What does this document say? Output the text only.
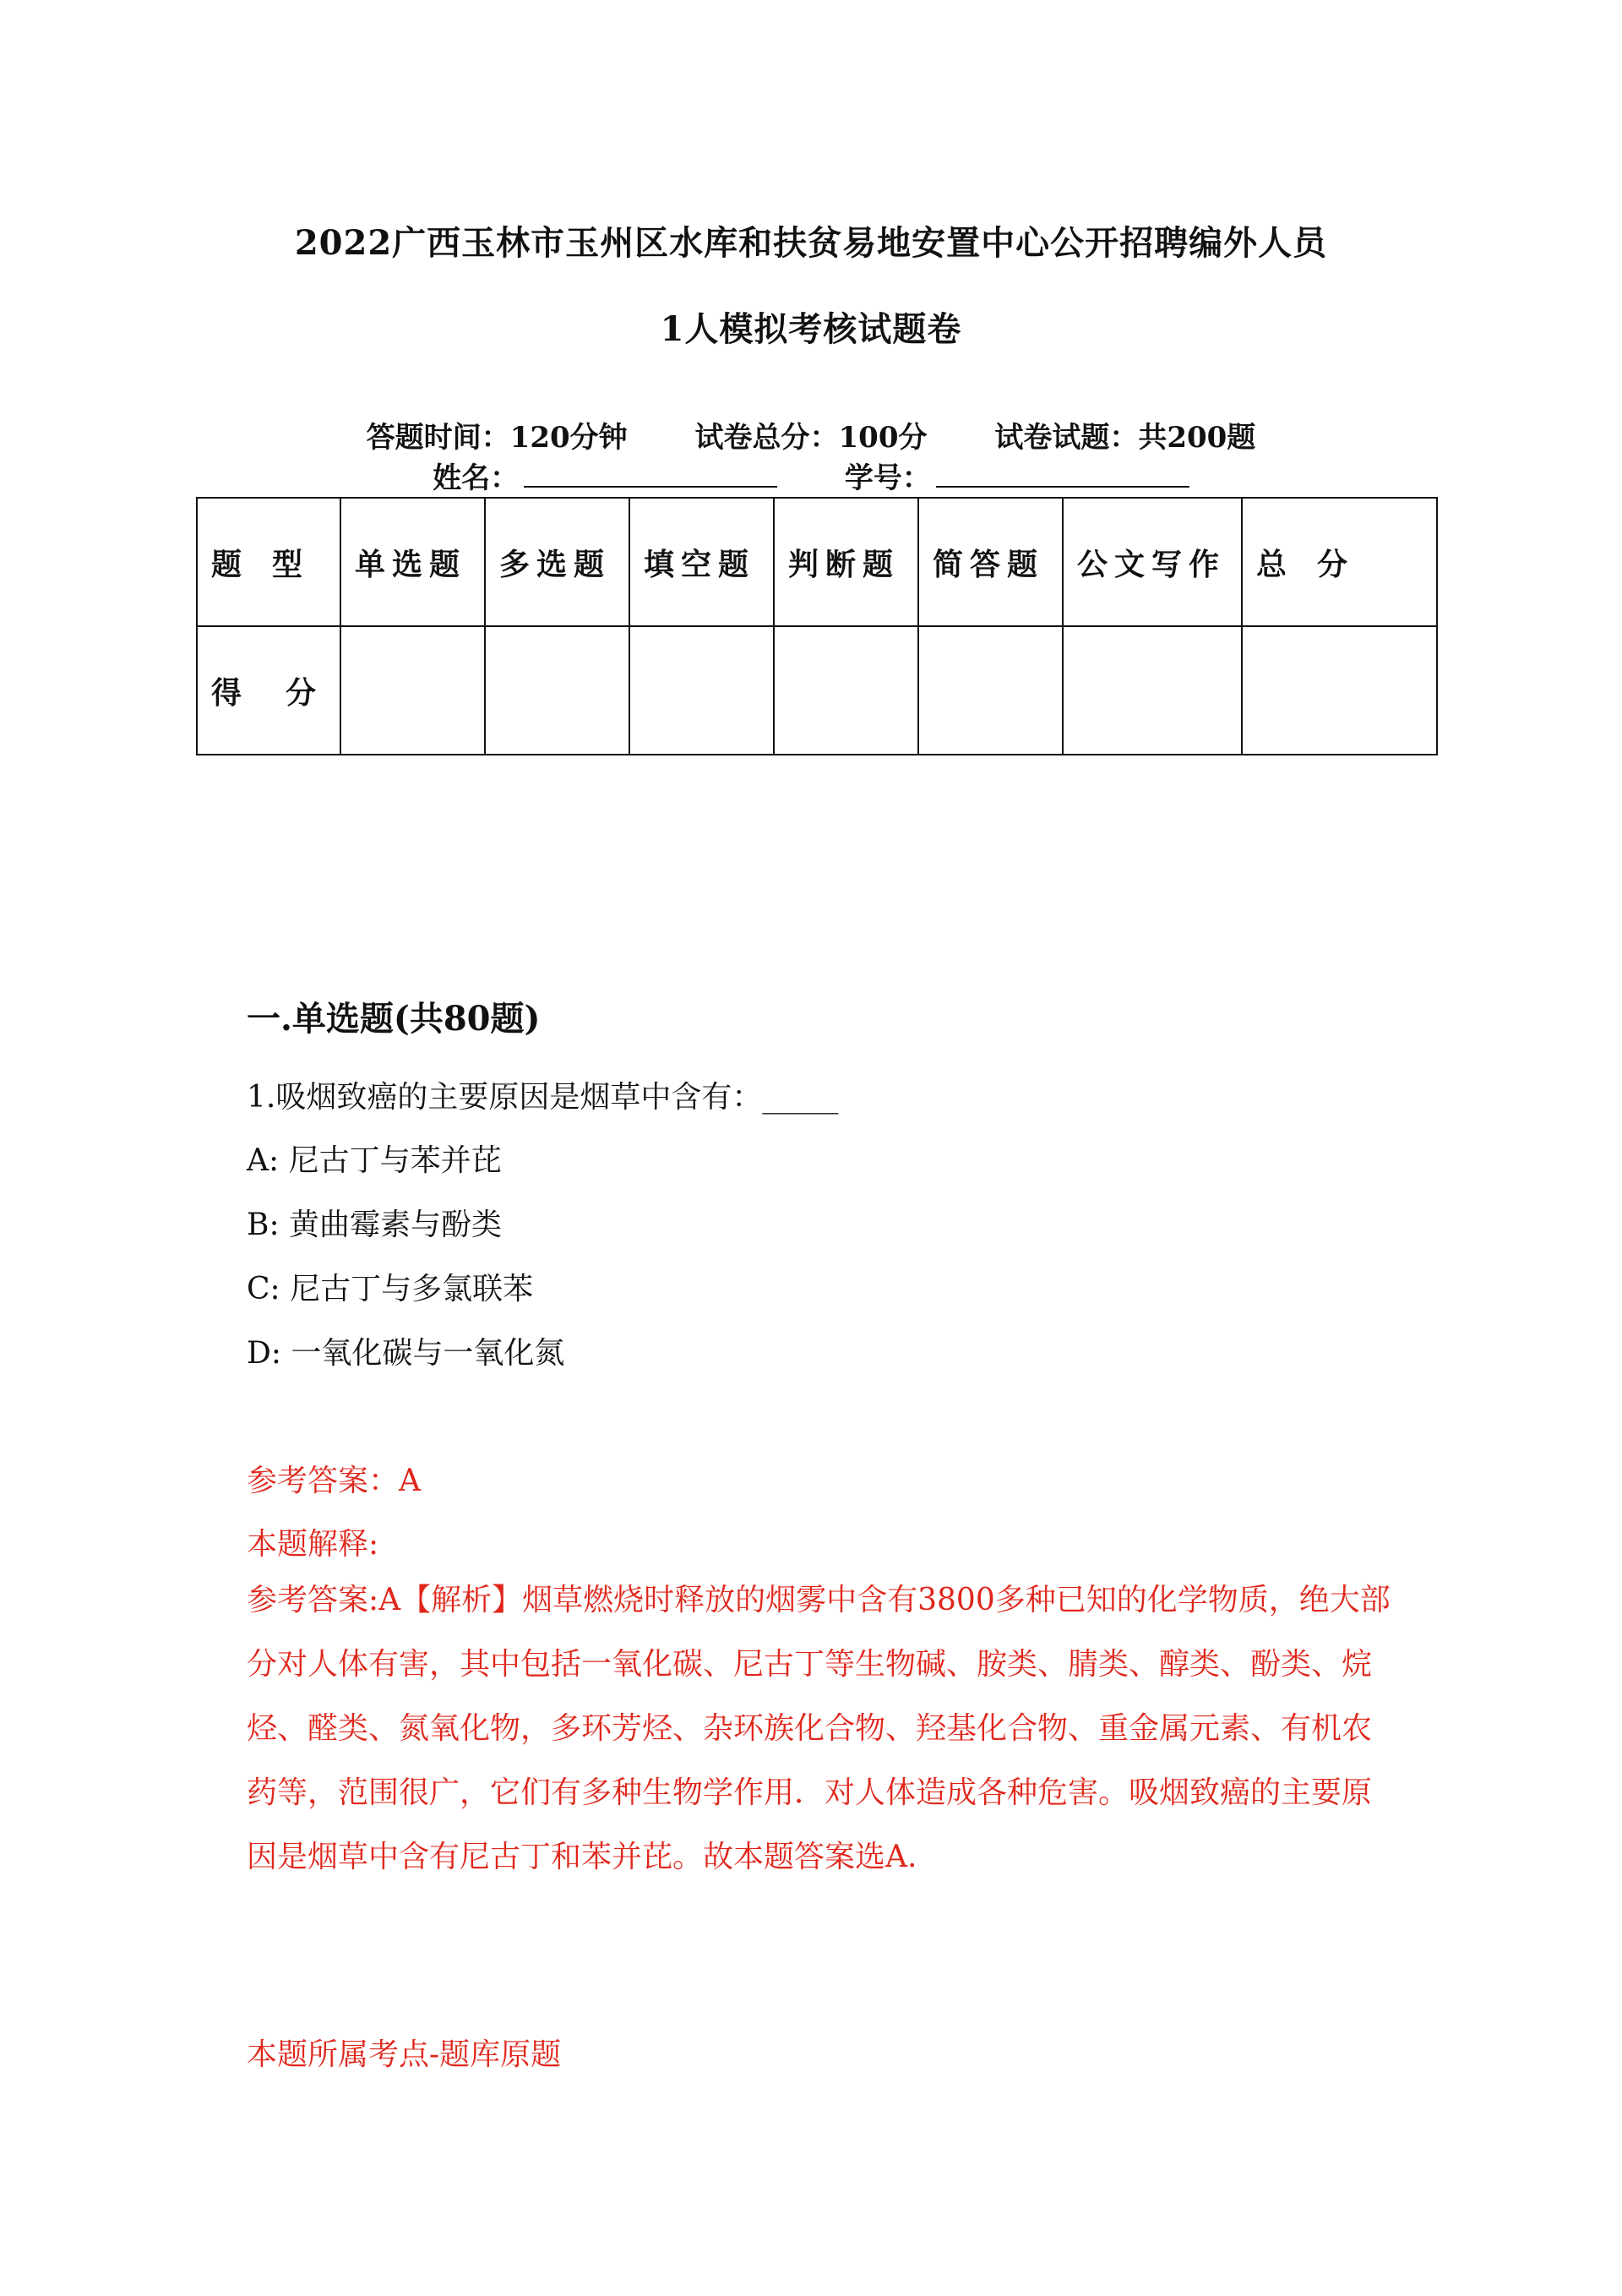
2022广西玉林市玉州区水库和扶贫易地安置中心公开招聘编外人员
1人模拟考核试题卷
答题时间：120分钟 试卷总分：100分 试卷试题：共200题
姓名：	学号：
题　型	单选题	多选题	填空题	判断题	简答题	公文写作	总　分
得　分							
一.单选题(共80题)
1.吸烟致癌的主要原因是烟草中含有：_____
A: 尼古丁与苯并芘
B: 黄曲霉素与酚类
C: 尼古丁与多氯联苯
D: 一氧化碳与一氧化氮
参考答案：A
本题解释:
参考答案:A【解析】烟草燃烧时释放的烟雾中含有3800多种已知的化学物质，绝大部分对人体有害，其中包括一氧化碳、尼古丁等生物碱、胺类、腈类、醇类、酚类、烷烃、醛类、氮氧化物，多环芳烃、杂环族化合物、羟基化合物、重金属元素、有机农药等，范围很广，它们有多种生物学作用．对人体造成各种危害。吸烟致癌的主要原因是烟草中含有尼古丁和苯并芘。故本题答案选A.
本题所属考点-题库原题
